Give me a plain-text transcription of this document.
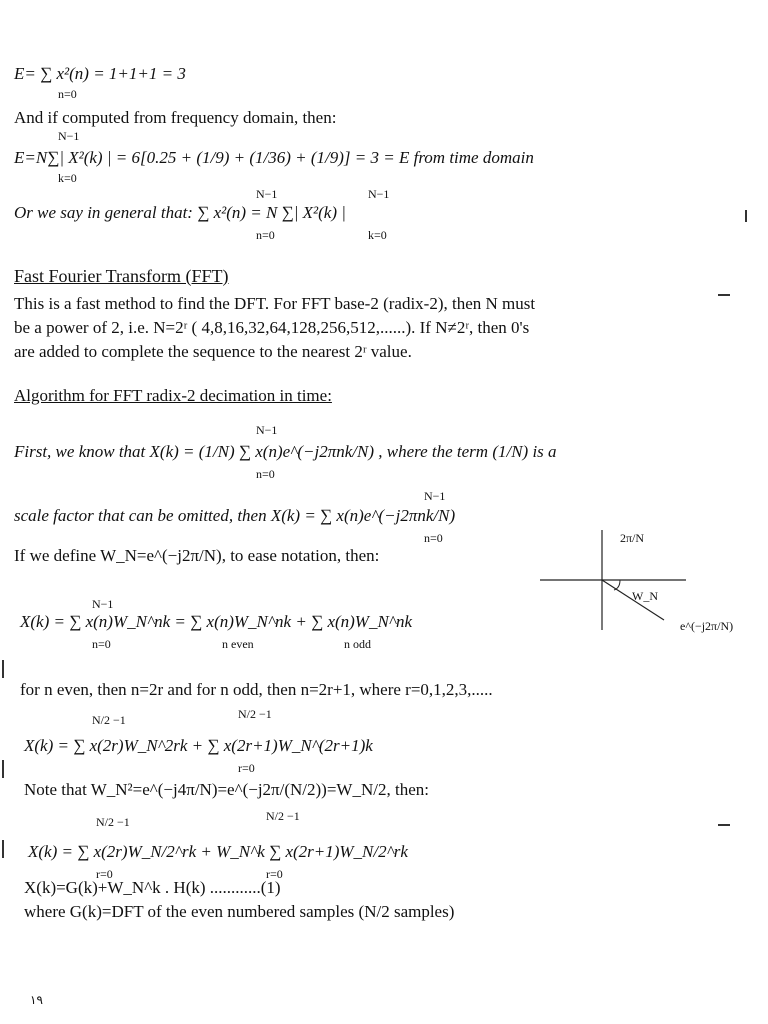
E= ∑ x²(n) = 1+1+1 = 3
n=0
And if computed from frequency domain, then:
N−1
E=N∑| X²(k) | = 6[0.25 + (1/9) + (1/36) + (1/9)] = 3 = E from time domain
k=0
N−1	N−1
Or we say in general that: ∑ x²(n) = N ∑| X²(k) |
n=0	k=0
Fast Fourier Transform (FFT)
This is a fast method to find the DFT. For FFT base-2 (radix-2), then N must
be a power of 2, i.e. N=2ʳ ( 4,8,16,32,64,128,256,512,......). If N≠2ʳ, then 0's
are added to complete the sequence to the nearest 2ʳ value.
Algorithm for FFT radix-2 decimation in time:
N−1
First, we know that X(k) = (1/N) ∑ x(n)e^(−j2πnk/N) , where the term (1/N) is a
n=0
N−1
scale factor that can be omitted, then X(k) = ∑ x(n)e^(−j2πnk/N)
n=0
If we define W_N=e^(−j2π/N), to ease notation, then:
N−1
X(k) = ∑ x(n)W_N^nk = ∑ x(n)W_N^nk + ∑ x(n)W_N^nk
n=0	n even	n odd
for n even, then n=2r and for n odd, then n=2r+1, where r=0,1,2,3,.....
N/2 −1	N/2 −1
X(k) = ∑ x(2r)W_N^2rk + ∑ x(2r+1)W_N^(2r+1)k
r=0
Note that W_N²=e^(−j4π/N)=e^(−j2π/(N/2))=W_N/2, then:
N/2 −1	N/2 −1
X(k) = ∑ x(2r)W_N/2^rk + W_N^k ∑ x(2r+1)W_N/2^rk
r=0	r=0
X(k)=G(k)+W_N^k . H(k) ............(1)
where G(k)=DFT of the even numbered samples (N/2 samples)
١٩
2π/N
W_N
e^(−j2π/N)
